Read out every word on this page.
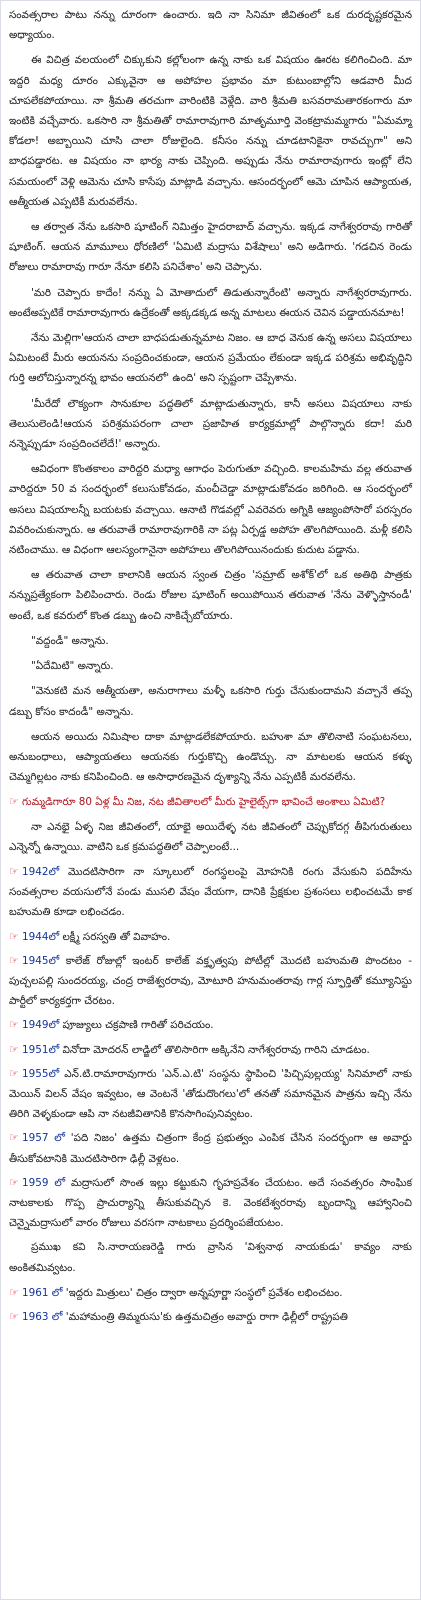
సంవత్సరాల పాటు నన్ను దూరంగా ఉంచారు. ఇది నా సినిమా జీవితంలో ఒక దురదృష్టకరమైన అధ్యాయం.

ఈ విచిత్ర వలయంలో చిక్కుకుని కల్లోలంగా ఉన్న నాకు ఒక విషయం ఊరట కలిగించింది. మా ఇద్దరి మధ్య దూరం ఎక్కువైనా ఆ అపోహల ప్రభావం మా కుటుంబాల్లోని ఆడవారి మీద చూపలేకపోయాయి. నా శ్రీమతి తరచుగా వారింటికి వెళ్లేది. వారి శ్రీమతి బసవరామతారకంగారు మా ఇంటికి వచ్చేవారు. ఒకసారి నా శ్రీమతితో రామారావుగారి మాతృమూర్తి వెంకట్రామమ్మగారు "ఏమమ్మా కోడలా! అబ్బాయిని చూసి చాలా రోజులైంది. కనీసం నన్ను చూడటానికైనా రావచ్చుగా" అని బాధపడ్డారట. ఆ విషయం నా భార్య నాకు చెప్పింది. అప్పుడు నేను రామారావుగారు ఇంట్లో లేని సమయంలో వెళ్లి ఆమెను చూసి కాసేపు మాట్లాడి వచ్చాను. ఆసందర్భంలో ఆమె చూపిన ఆప్యాయత, ఆత్మీయత ఎప్పటికీ మరువలేను.

ఆ తర్వాత నేను ఒకసారి షూటింగ్ నిమిత్తం హైదరాబాద్ వచ్చాను. ఇక్కడ నాగేశ్వరరావు గారితో షూటింగ్. ఆయన మామూలు ధోరణిలో 'ఏమిటి మద్రాసు విశేషాలు' అని అడిగారు. 'గడచిన రెండు రోజులు రామారావు గారూ నేనూ కలిసి పనిచేశాం' అని చెప్పాను.

'మరి చెప్పారు కాదేం! నన్ను ఏ మోతాదులో తిడుతున్నారేంటి' అన్నారు నాగేశ్వరరావుగారు. అంటేఅప్పటికే రామారావుగారు ఉద్రేకంతో అక్కడక్కడ అన్న మాటలు ఈయన చెవిన పడ్డాయనమాట!

నేను మెల్లిగా'ఆయన చాలా బాధపడుతున్నమాట నిజం. ఆ బాధ వెనుక ఉన్న అసలు విషయాలు ఏమిటంటే మీరు ఆయనను సంప్రదించకుండా, ఆయన ప్రమేయం లేకుండా ఇక్కడ పరిశ్రమ అభివృద్ధిని గుర్తి ఆలోచిస్తున్నారన్న భావం ఆయనలో' ఉంది' అని స్పష్టంగా చెప్పేశాను.

'మీరేదో లౌక్యంగా సానుకూల పద్ధతిలో మాట్లాడుతున్నారు, కానీ అసలు విషయాలు నాకు తెలుసులెండి!ఆయన పరిశ్రమపరంగా చాలా ప్రజాహిత కార్యక్రమాల్లో పాల్గొన్నారు కదా! మరి నన్నెప్పుడూ సంప్రదించలేదే!' అన్నారు.

ఆవిధంగా కొంతకాలం వారిద్దరి మధ్యా ఆగాధం పెరుగుతూ వచ్చింది. కాలమహిమ వల్ల తరువాత వారిద్దరూ 50 వ సందర్భంలో కలుసుకోవడం, మంచీచెడ్డా మాట్లాడుకోవడం జరిగింది. ఆ సందర్భంలో అసలు విషయాలన్నీ బయటకు వచ్చాయి. ఆనాటి గొడవల్లో ఎవరెవరు అగ్నికి ఆజ్యంపోసారో పరస్పరం వివరించుకున్నారు. ఆ తరువాతే రామారావుగారికి నా పట్ల ఏర్పడ్డ అపోహ తొలగిపోయింది. మళ్లీ కలిసి నటించాము. ఆ విధంగా ఆలస్యంగానైనా అపోహలు తొలగిపోయినందుకు కుదుట పడ్డాను.

ఆ తరువాత చాలా కాలానికి ఆయన స్వంత చిత్రం 'సమ్రాట్ అశోక్'లో ఒక అతిథి పాత్రకు నన్నుప్రత్యేకంగా పిలిపించారు. రెండు రోజుల షూటింగ్ అయిపోయిన తరువాత 'నేను వెళ్ళొస్తానండీ' అంటే, ఒక కవరులో కొంత డబ్బు ఉంచి నాకిచ్చేబోయారు.

"వద్దండీ" అన్నాను.

"ఏదేమిటి" అన్నారు.

"వెనుకటి మన ఆత్మీయతా, అనురాగాలు మళ్ళీ ఒకసారి గుర్తు చేసుకుందామని వచ్చానే తప్ప డబ్బు కోసం కాదండీ" అన్నాను.

ఆయన అయిదు నిమిషాల దాకా మాట్లాడలేకపోయారు. బహుశా మా తొలినాటి సంఘటనలు, అనుబంధాలు, ఆప్యాయతలు ఆయనకు గుర్తుకొచ్చి ఉండొచ్చు. నా మాటలకు ఆయన కళ్ళు చెమ్మగిల్లటం నాకు కనిపించింది. ఆ అసాధారణమైన దృశ్యాన్ని నేను ఎప్పటికీ మరవలేను.

☞ గుమ్మడిగారూ 80 ఏళ్ల మీ నిజ, నట జీవితాలలో మీరు హైలైట్స్‌గా భావించే అంశాలు ఏమిటి?

నా ఎనభై ఏళ్ళ నిజ జీవితంలో, యాభై అయిదేళ్ళ నట జీవితంలో చెప్పుకోదగ్గ తీపిగురుతులు ఎన్నెన్నో ఉన్నాయి. వాటిని ఒక క్రమపద్ధతిలో చెప్పాలంటే...

☞ 1942లో మొదటిసారిగా నా స్కూలులో రంగస్థలంపై మోహనికి రంగు వేసుకుని పదిహేను సంవత్సరాల వయసులోనే పండు ముసలి వేషం వేయగా, దానికి ప్రేక్షకుల ప్రశంసలు లభించటమే కాక బహుమతి కూడా లభించడం.

☞ 1944లో లక్ష్మీ సరస్వతి తో వివాహం.

☞ 1945లో కాలేజ్ రోజుల్లో ఇంటర్ కాలేజ్ వక్తృత్వపు పోటీల్లో మొదటి బహుమతి పొందటం - పుచ్చలపల్లి సుందరయ్య, చంద్ర రాజేశ్వరరావు, మోటూరి హనుమంతరావు గార్ల స్ఫూర్తితో కమ్యూనిస్టు పార్టీలో కార్యకర్తగా చేరటం.

☞ 1949లో పూజ్యులు చక్రపాణి గారితో పరిచయం.

☞ 1951లో వినోదా మోదరన్ లాడ్జిలో తొలిసారిగా అక్కినేని నాగేశ్వరరావు గారిని చూడటం.

☞ 1955లో ఎన్.టి.రామారావుగారు 'ఎన్.ఎ.టి' సంస్థను స్థాపించి 'పిచ్చిపుల్లయ్య' సినిమాలో నాకు మెయిన్ విలన్ వేషం ఇవ్వటం, ఆ వెంటనే 'తోడుదొంగలు'లో తనతో సమానమైన పాత్రను ఇచ్చి నేను తిరిగి వెళ్ళకుండా ఆపి నా నటజీవితానికి కొనసాగింపునివ్వటం.

☞ 1957 లో 'పది నిజం' ఉత్తమ చిత్రంగా కేంద్ర ప్రభుత్వం ఎంపిక చేసిన సందర్భంగా ఆ అవార్డు తీసుకోవటానికి మొదటిసారిగా ఢిల్లీ వెళ్లటం.

☞ 1959 లో మద్రాసులో సొంత ఇల్లు కట్టుకుని గృహప్రవేశం చేయటం. అదే సంవత్సరం సాంఘిక నాటకాలకు గొప్ప ప్రాచుర్యాన్ని తీసుకువచ్చిన కె. వెంకటేశ్వరరావు బృందాన్ని ఆహ్వానించి చెన్నైమద్రాసులో వారం రోజులు వరసగా నాటకాలు ప్రదర్శింపజేయటం.

ప్రముఖ కవి సి.నారాయణరెడ్డి గారు వ్రాసిన 'విశ్వనాథ నాయకుడు' కావ్యం నాకు అంకితమివ్వటం.

☞ 1961 లో 'ఇద్దరు మిత్రులు' చిత్రం ద్వారా అన్నపూర్ణా సంస్థలో ప్రవేశం లభించటం.

☞ 1963 లో 'మహామంత్రి తిమ్మరుసు'కు ఉత్తమచిత్రం అవార్డు రాగా ఢిల్లీలో రాష్ట్రపతి
